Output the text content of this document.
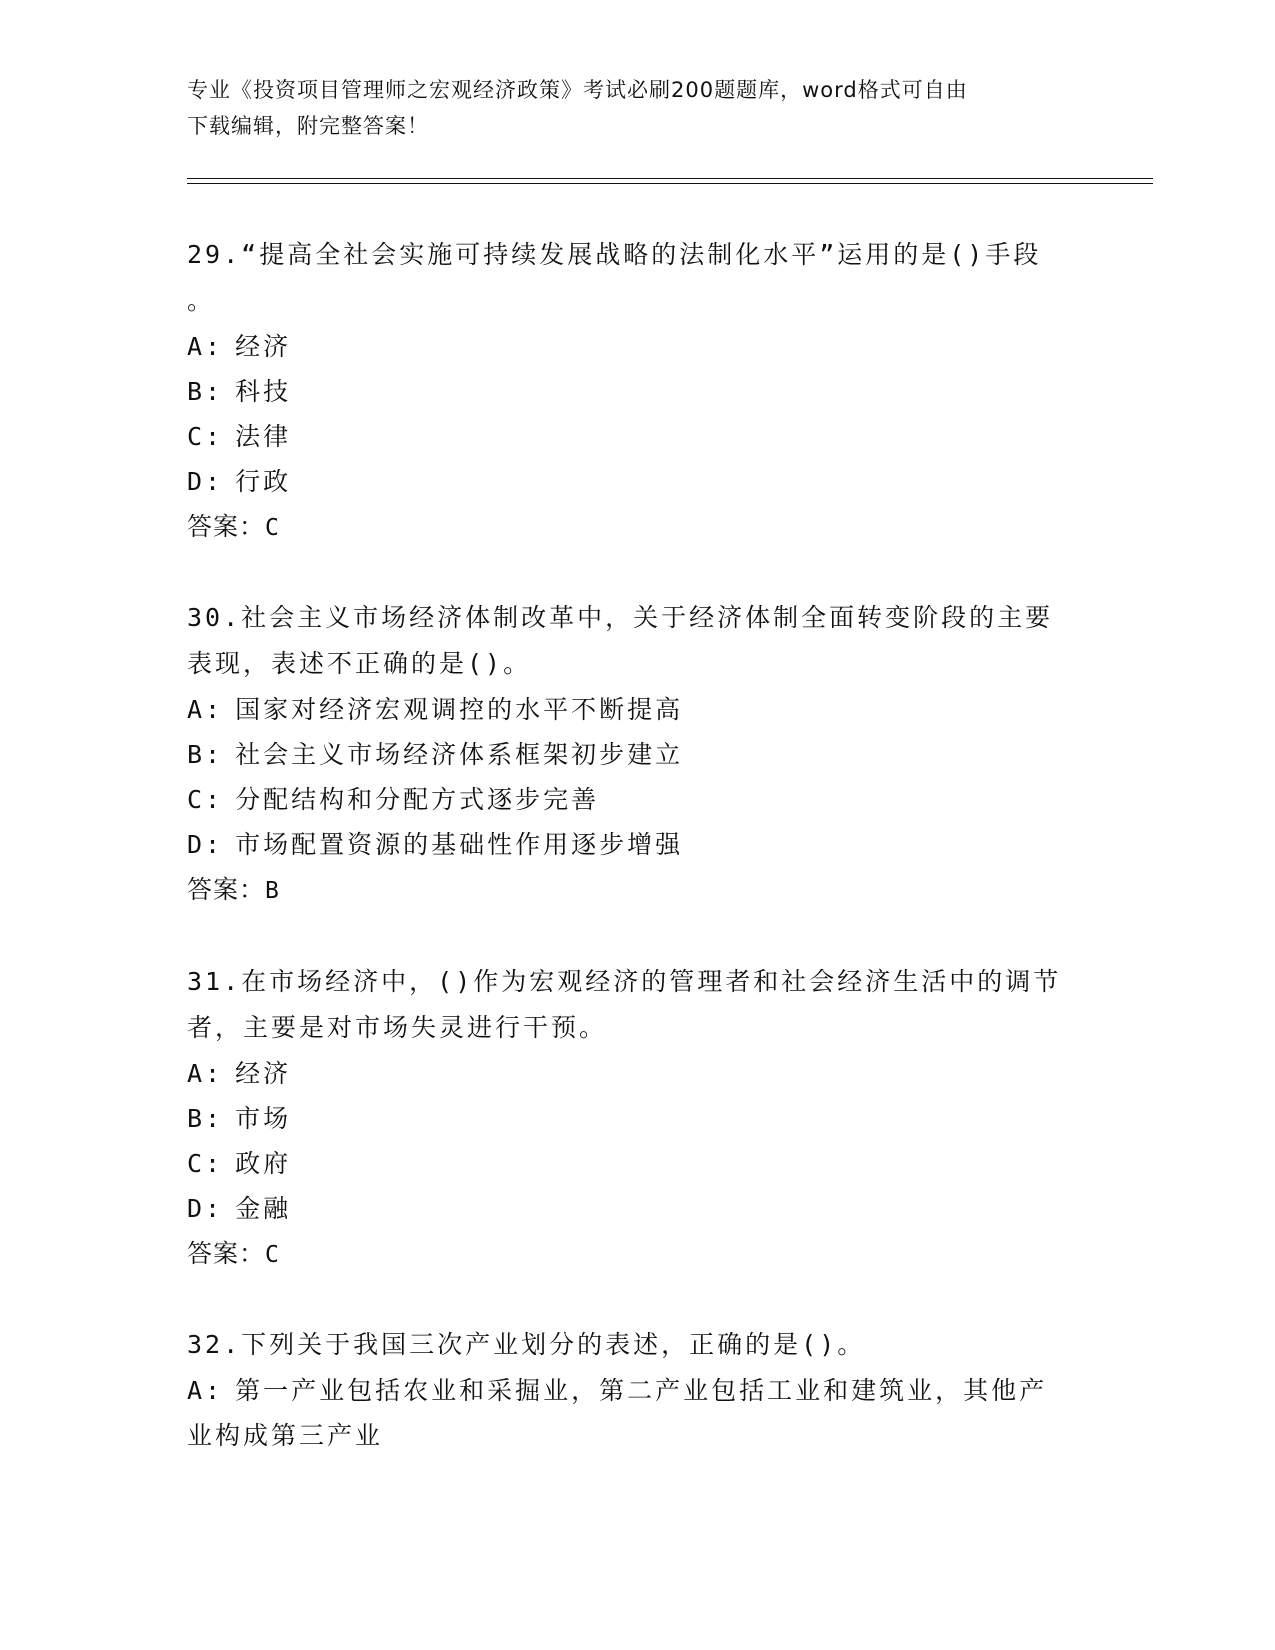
专业《投资项目管理师之宏观经济政策》考试必刷200题题库，word格式可自由
下载编辑，附完整答案！
29.“提高全社会实施可持续发展战略的法制化水平”运用的是()手段
。
A: 经济
B: 科技
C: 法律
D: 行政
答案：C
30.社会主义市场经济体制改革中，关于经济体制全面转变阶段的主要
表现，表述不正确的是()。
A: 国家对经济宏观调控的水平不断提高
B: 社会主义市场经济体系框架初步建立
C: 分配结构和分配方式逐步完善
D: 市场配置资源的基础性作用逐步增强
答案：B
31.在市场经济中，()作为宏观经济的管理者和社会经济生活中的调节
者，主要是对市场失灵进行干预。
A: 经济
B: 市场
C: 政府
D: 金融
答案：C
32.下列关于我国三次产业划分的表述，正确的是()。
A: 第一产业包括农业和采掘业，第二产业包括工业和建筑业，其他产
业构成第三产业
